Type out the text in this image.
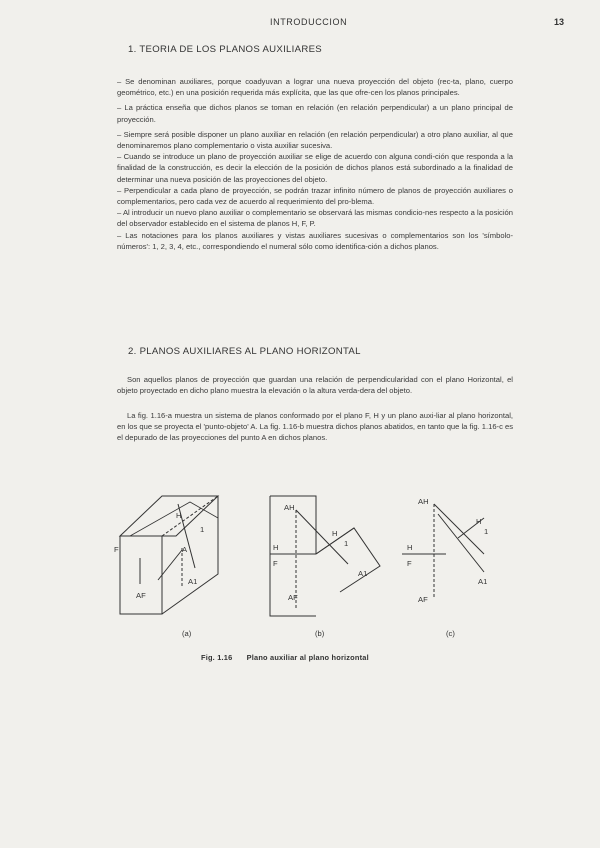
INTRODUCCION	13
1. TEORIA DE LOS PLANOS AUXILIARES

– Se denominan auxiliares, porque coadyuvan a lograr una nueva proyección del objeto (rec-ta, plano, cuerpo geométrico, etc.) en una posición requerida más explícita, que las que ofre-cen los planos principales.

– La práctica enseña que dichos planos se toman en relación (en relación perpendicular) a un plano principal de proyección.

– Siempre será posible disponer un plano auxiliar en relación (en relación perpendicular) a otro plano auxiliar, al que denominaremos plano complementario o vista auxiliar sucesiva.
– Cuando se introduce un plano de proyección auxiliar se elige de acuerdo con alguna condi-ción que responda a la finalidad de la construcción, es decir la elección de la posición de dichos planos está subordinado a la finalidad de determinar una nueva posición de las proyecciones del objeto.
– Perpendicular a cada plano de proyección, se podrán trazar infinito número de planos de proyección auxiliares o complementarios, pero cada vez de acuerdo al requerimiento del pro-blema.
– Al introducir un nuevo plano auxiliar o complementario se observará las mismas condicio-nes respecto a la posición del observador establecido en el sistema de planos H, F, P.
– Las notaciones para los planos auxiliares y vistas auxiliares sucesivas o complementarios son los 'símbolo-números': 1, 2, 3, 4, etc., correspondiendo el numeral sólo como identifica-ción a dichos planos.

2. PLANOS AUXILIARES AL PLANO HORIZONTAL
Son aquellos planos de proyección que guardan una relación de perpendicularidad con el plano Horizontal, el objeto proyectado en dicho plano muestra la elevación o la altura verda-dera del objeto.
La fig. 1.16-a muestra un sistema de planos conformado por el plano F, H y un plano auxi-liar al plano horizontal, en los que se proyecta el 'punto-objeto' A. La fig. 1.16-b muestra dichos planos abatidos, en tanto que la fig. 1.16-c es el depurado de las proyecciones del punto A en dichos planos.
H
1
F	A
A1
AF
AH
H
F
H
1
A1
AF
AH
H
F
H
1
A1
AF
(a)	(b)	(c)
Fig. 1.16 Plano auxiliar al plano horizontal
